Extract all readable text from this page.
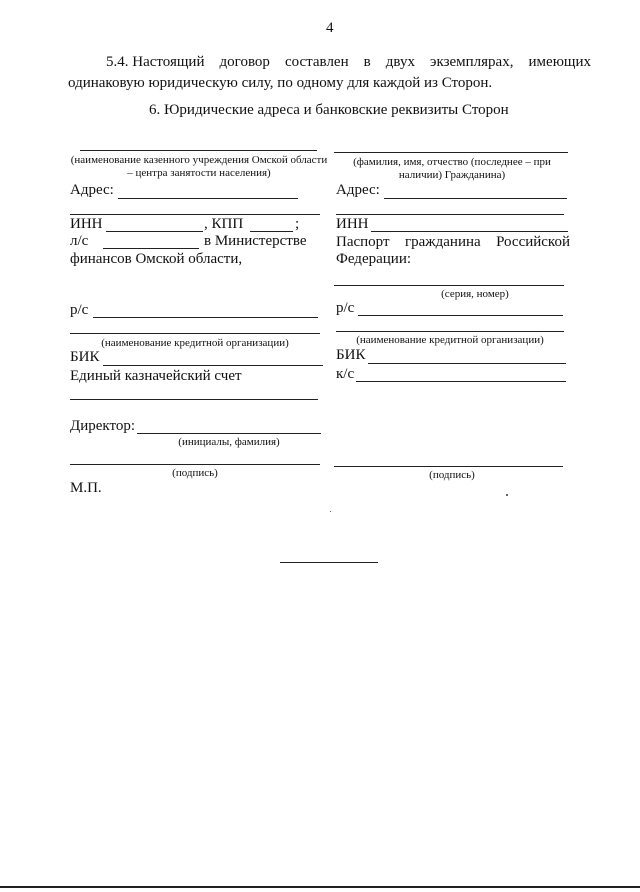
4
5.4. Настоящий договор составлен в двух экземплярах, имеющих
одинаковую юридическую силу, по одному для каждой из Сторон.
6. Юридические адреса и банковские реквизиты Сторон
(наименование казенного учреждения Омской области – центра занятости населения)
Адрес:
ИНН	, КПП	;
л/с	в Министерстве
финансов Омской области,
р/с
(наименование кредитной организации)
БИК
Единый казначейский счет
Директор:
(инициалы, фамилия)
(подпись)
М.П.
(фамилия, имя, отчество (последнее – при наличии) Гражданина)
Адрес:
ИНН
Паспорт гражданина Российской
Федерации:
(серия, номер)
р/с
(наименование кредитной организации)
БИК
к/с
(подпись)
